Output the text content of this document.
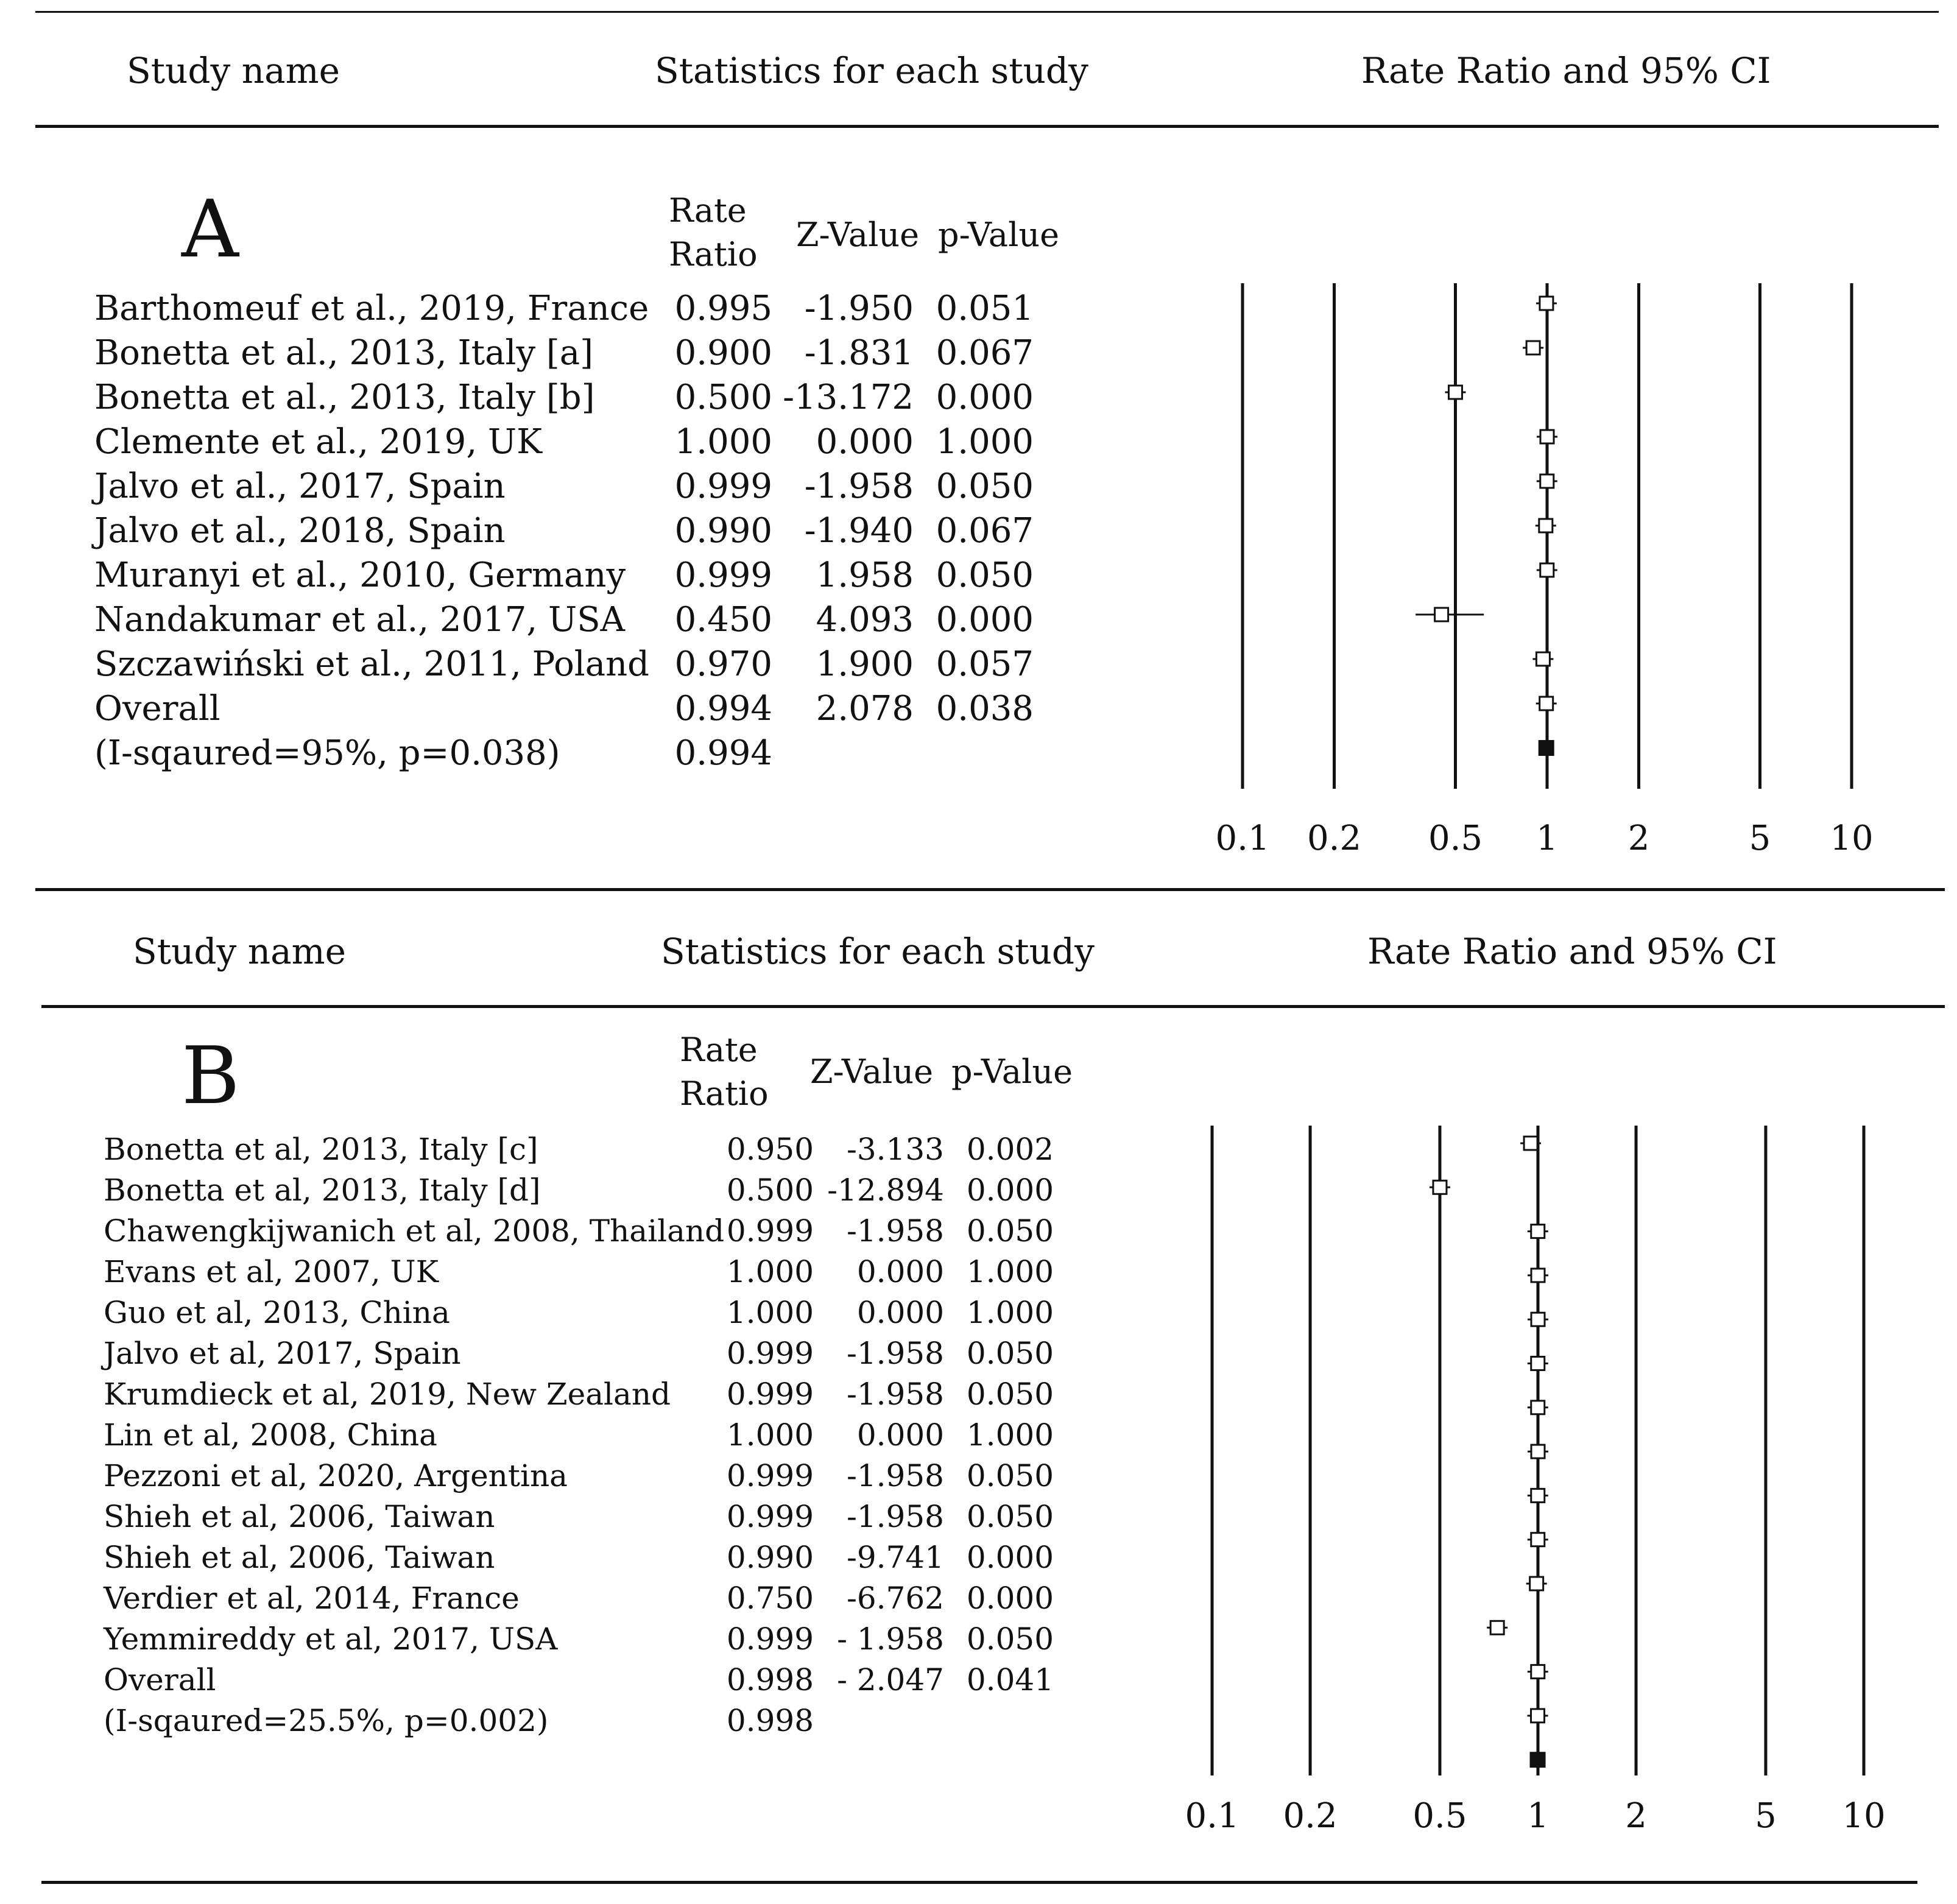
Study name	Statistics for each study	Rate Ratio and 95% CI
A	Rate
Ratio
Z-Value p-Value
Barthomeuf et al., 2019, France 0.995 -1.950 0.051
Bonetta et al., 2013, Italy [a]	0.900 -1.831 0.067
Bonetta et al., 2013, Italy [b]	0.500 -13.172 0.000
Clemente et al., 2019, UK	1.000	0.000 1.000
Jalvo et al., 2017, Spain	0.999 -1.958 0.050
Jalvo et al., 2018, Spain	0.990 -1.940 0.067
Muranyi et al., 2010, Germany	0.999	1.958 0.050
Nandakumar et al., 2017, USA	0.450	4.093 0.000
Szczawiński et al., 2011, Poland 0.970	1.900 0.057
Overall	0.994	2.078 0.038
(I-sqaured=95%, p=0.038)	0.994
0.1 0.2 0.5 1 2	5 10
Study name	Statistics for each study	Rate Ratio and 95% CI
B	Rate
Ratio
Z-Value p-Value
Bonetta et al, 2013, Italy [c]	0.950	-3.133 0.002
Bonetta et al, 2013, Italy [d]	0.500 -12.894 0.000
Chawengkijwanich et al, 2008, Thailand 0.999	-1.958 0.050
Evans et al, 2007, UK	1.000	0.000 1.000
Guo et al, 2013, China	1.000	0.000 1.000
Jalvo et al, 2017, Spain	0.999	-1.958 0.050
Krumdieck et al, 2019, New Zealand	0.999	-1.958 0.050
Lin et al, 2008, China	1.000	0.000 1.000
Pezzoni et al, 2020, Argentina	0.999	-1.958 0.050
Shieh et al, 2006, Taiwan	0.999	-1.958 0.050
Shieh et al, 2006, Taiwan	0.990	-9.741 0.000
Verdier et al, 2014, France	0.750	-6.762 0.000
Yemmireddy et al, 2017, USA	0.999 - 1.958 0.050
Overall	0.998 - 2.047 0.041
(I-sqaured=25.5%, p=0.002)	0.998
0.1 0.2 0.5 1 2	5 10
